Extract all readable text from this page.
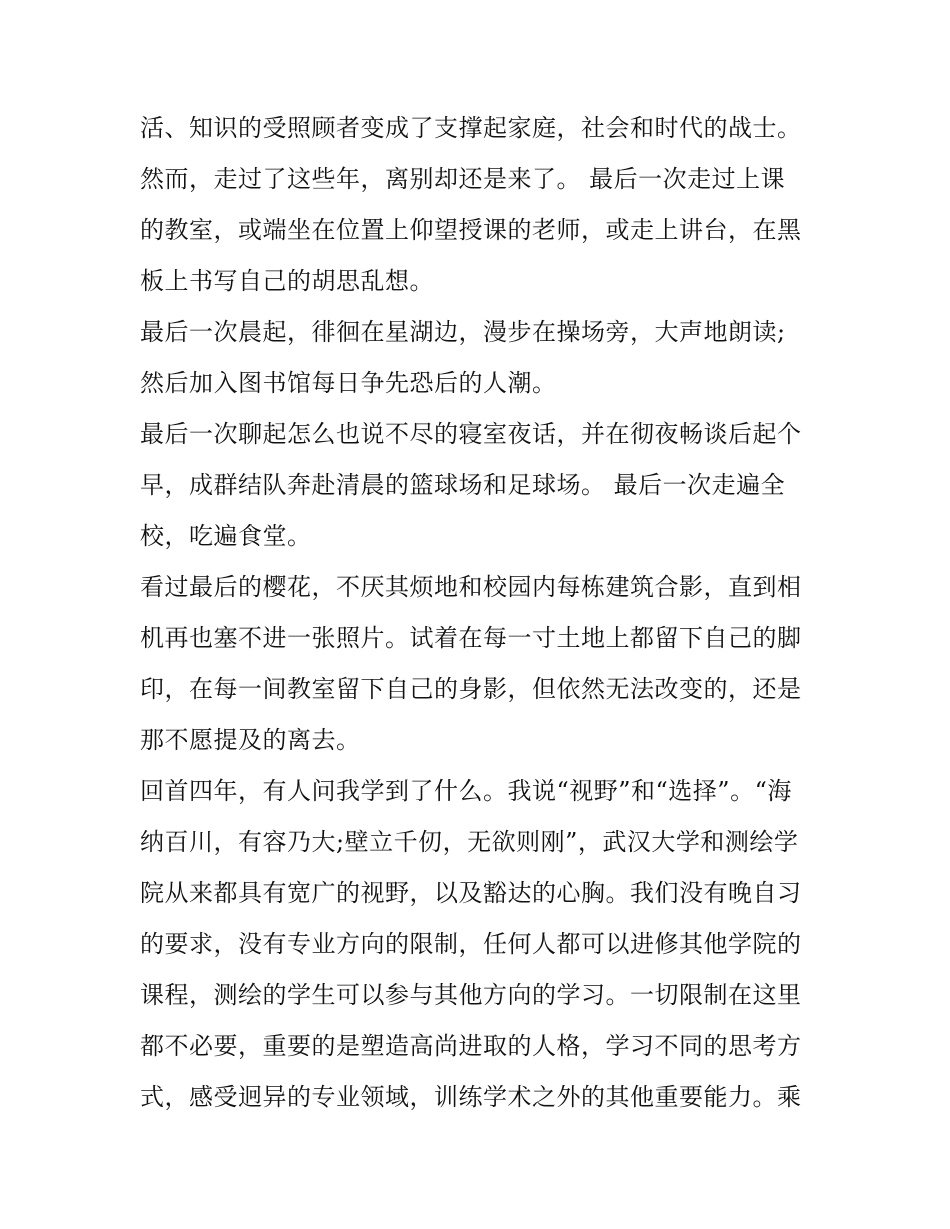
活、知识的受照顾者变成了支撑起家庭，社会和时代的战士。
然而，走过了这些年，离别却还是来了。 最后一次走过上课
的教室，或端坐在位置上仰望授课的老师，或走上讲台，在黑
板上书写自己的胡思乱想。
最后一次晨起，徘徊在星湖边，漫步在操场旁，大声地朗读;
然后加入图书馆每日争先恐后的人潮。
最后一次聊起怎么也说不尽的寝室夜话，并在彻夜畅谈后起个
早，成群结队奔赴清晨的篮球场和足球场。 最后一次走遍全
校，吃遍食堂。
看过最后的樱花，不厌其烦地和校园内每栋建筑合影，直到相
机再也塞不进一张照片。试着在每一寸土地上都留下自己的脚
印，在每一间教室留下自己的身影，但依然无法改变的，还是
那不愿提及的离去。
回首四年，有人问我学到了什么。我说“视野”和“选择”。“海
纳百川，有容乃大;壁立千仞，无欲则刚”，武汉大学和测绘学
院从来都具有宽广的视野，以及豁达的心胸。我们没有晚自习
的要求，没有专业方向的限制，任何人都可以进修其他学院的
课程，测绘的学生可以参与其他方向的学习。一切限制在这里
都不必要，重要的是塑造高尚进取的人格，学习不同的思考方
式，感受迥异的专业领域，训练学术之外的其他重要能力。乘
